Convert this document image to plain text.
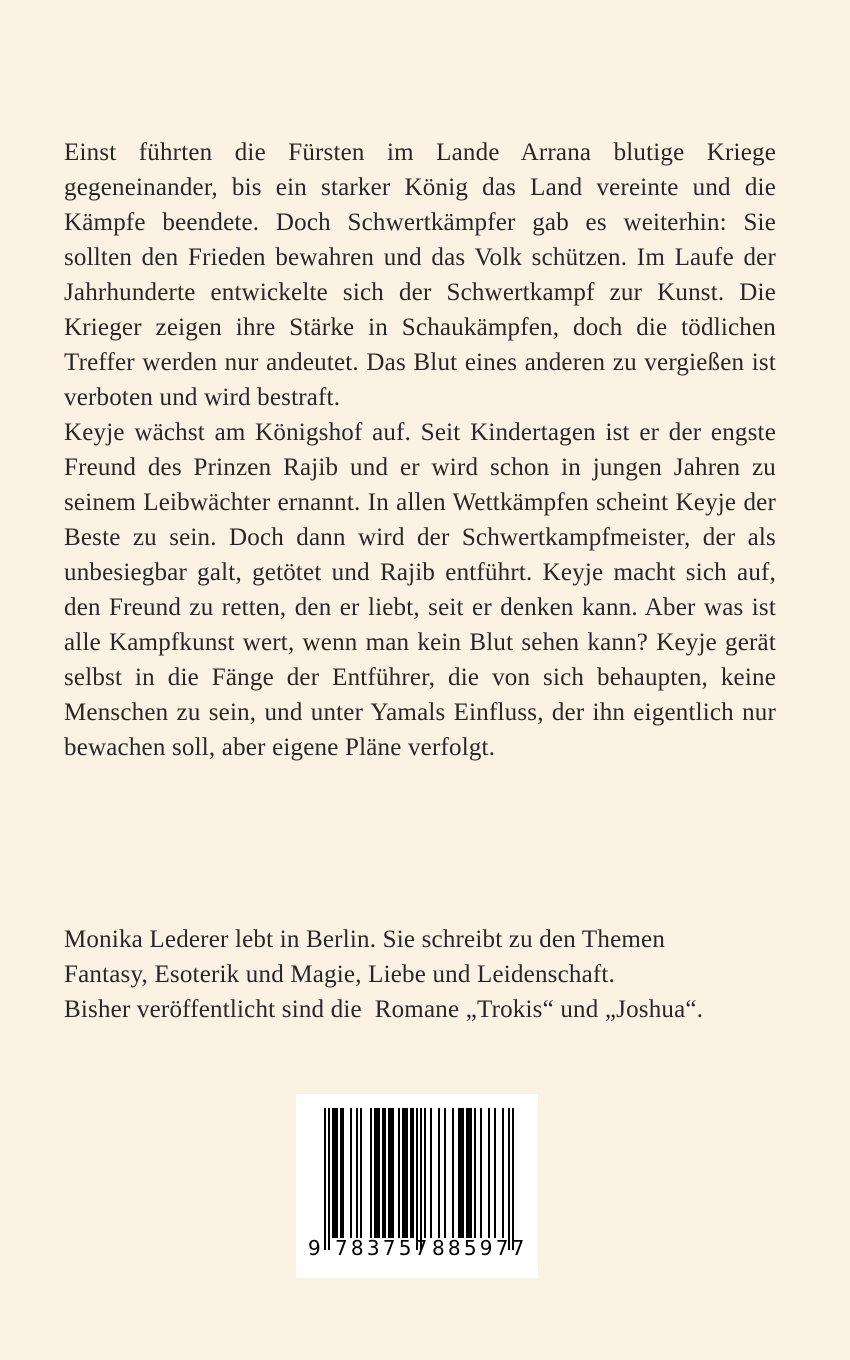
Einst führten die Fürsten im Lande Arrana blutige Kriege gegeneinander, bis ein starker König das Land vereinte und die Kämpfe beendete. Doch Schwertkämpfer gab es weiterhin: Sie sollten den Frieden bewahren und das Volk schützen. Im Laufe der Jahrhunderte entwickelte sich der Schwertkampf zur Kunst. Die Krieger zeigen ihre Stärke in Schaukämpfen, doch die tödlichen Treffer werden nur andeutet. Das Blut eines anderen zu vergießen ist verboten und wird bestraft.

Keyje wächst am Königshof auf. Seit Kindertagen ist er der engste Freund des Prinzen Rajib und er wird schon in jungen Jahren zu seinem Leibwächter ernannt. In allen Wettkämpfen scheint Keyje der Beste zu sein. Doch dann wird der Schwertkampfmeister, der als unbesiegbar galt, getötet und Rajib entführt. Keyje macht sich auf, den Freund zu retten, den er liebt, seit er denken kann. Aber was ist alle Kampfkunst wert, wenn man kein Blut sehen kann? Keyje gerät selbst in die Fänge der Entführer, die von sich behaupten, keine Menschen zu sein, und unter Yamals Einfluss, der ihn eigentlich nur bewachen soll, aber eigene Pläne verfolgt.

Monika Lederer lebt in Berlin. Sie schreibt zu den Themen

Fantasy, Esoterik und Magie, Liebe und Leidenschaft.

Bisher veröffentlicht sind die  Romane „Trokis“ und „Joshua“.

9 783757 885977
